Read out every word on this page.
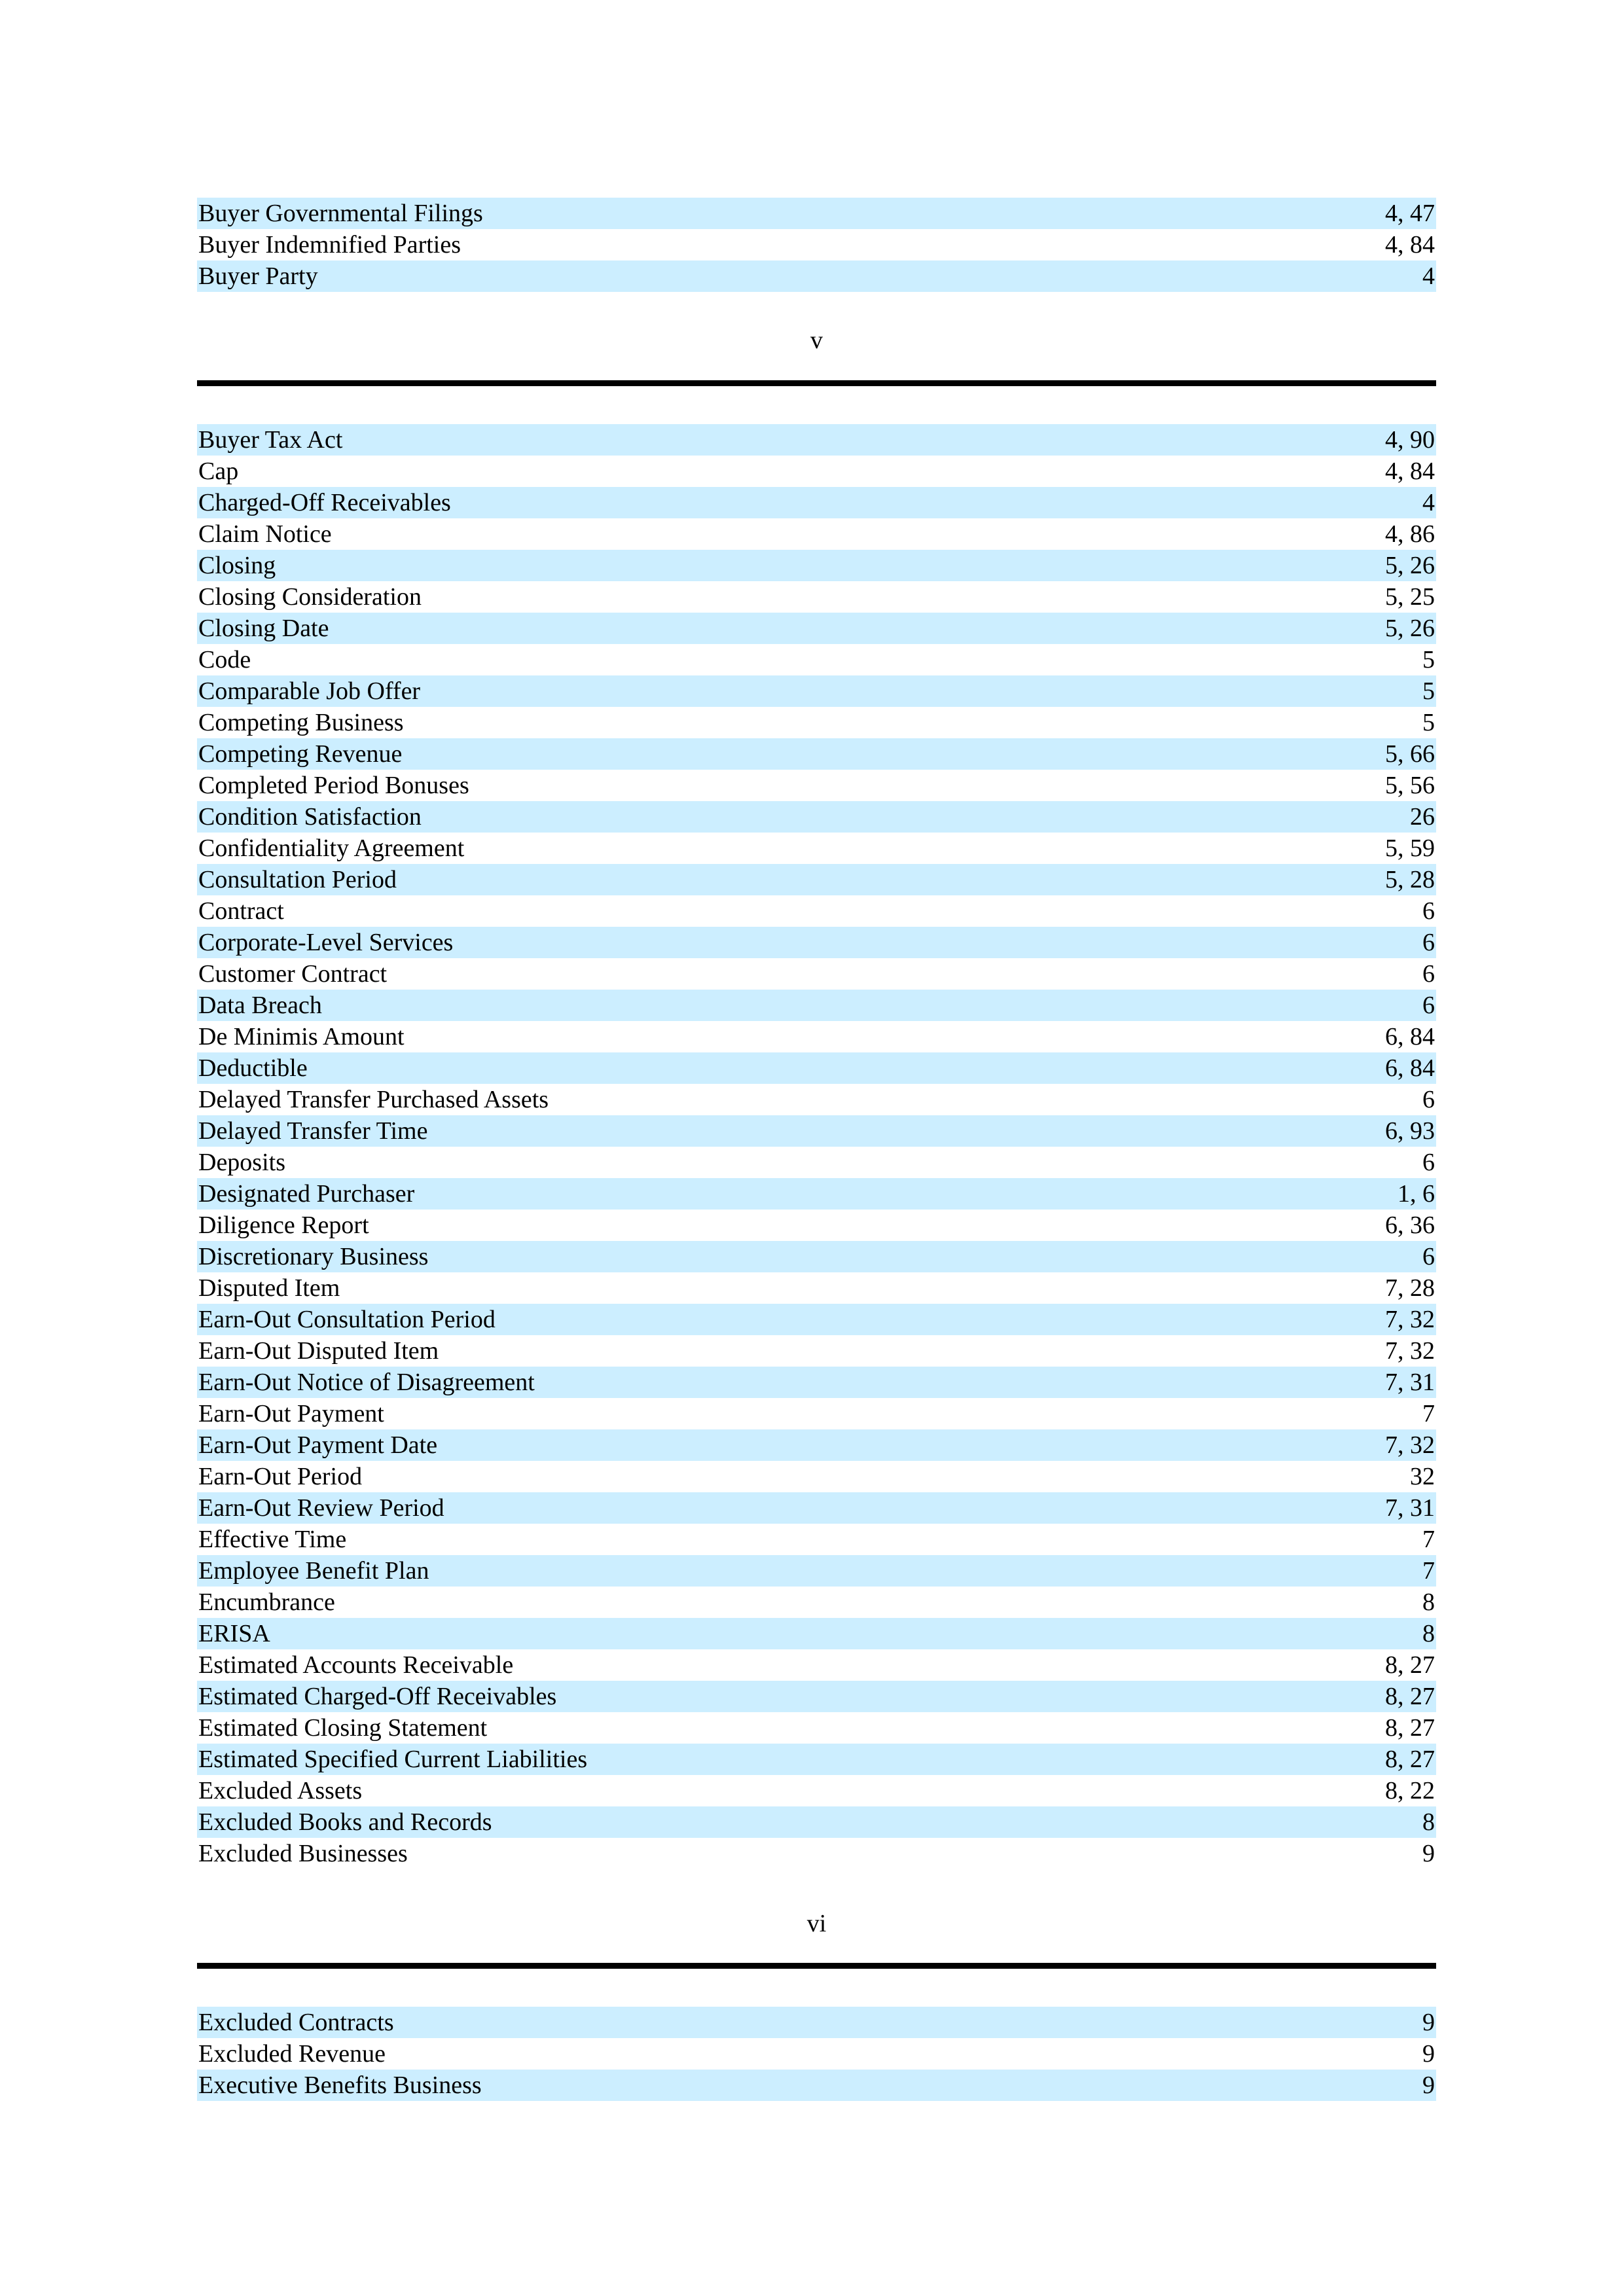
Buyer Governmental Filings	4, 47
Buyer Indemnified Parties	4, 84
Buyer Party	4
v
Buyer Tax Act	4, 90
Cap	4, 84
Charged-Off Receivables	4
Claim Notice	4, 86
Closing	5, 26
Closing Consideration	5, 25
Closing Date	5, 26
Code	5
Comparable Job Offer	5
Competing Business	5
Competing Revenue	5, 66
Completed Period Bonuses	5, 56
Condition Satisfaction	26
Confidentiality Agreement	5, 59
Consultation Period	5, 28
Contract	6
Corporate-Level Services	6
Customer Contract	6
Data Breach	6
De Minimis Amount	6, 84
Deductible	6, 84
Delayed Transfer Purchased Assets	6
Delayed Transfer Time	6, 93
Deposits	6
Designated Purchaser	1, 6
Diligence Report	6, 36
Discretionary Business	6
Disputed Item	7, 28
Earn-Out Consultation Period	7, 32
Earn-Out Disputed Item	7, 32
Earn-Out Notice of Disagreement	7, 31
Earn-Out Payment	7
Earn-Out Payment Date	7, 32
Earn-Out Period	32
Earn-Out Review Period	7, 31
Effective Time	7
Employee Benefit Plan	7
Encumbrance	8
ERISA	8
Estimated Accounts Receivable	8, 27
Estimated Charged-Off Receivables	8, 27
Estimated Closing Statement	8, 27
Estimated Specified Current Liabilities	8, 27
Excluded Assets	8, 22
Excluded Books and Records	8
Excluded Businesses	9
vi
Excluded Contracts	9
Excluded Revenue	9
Executive Benefits Business	9
